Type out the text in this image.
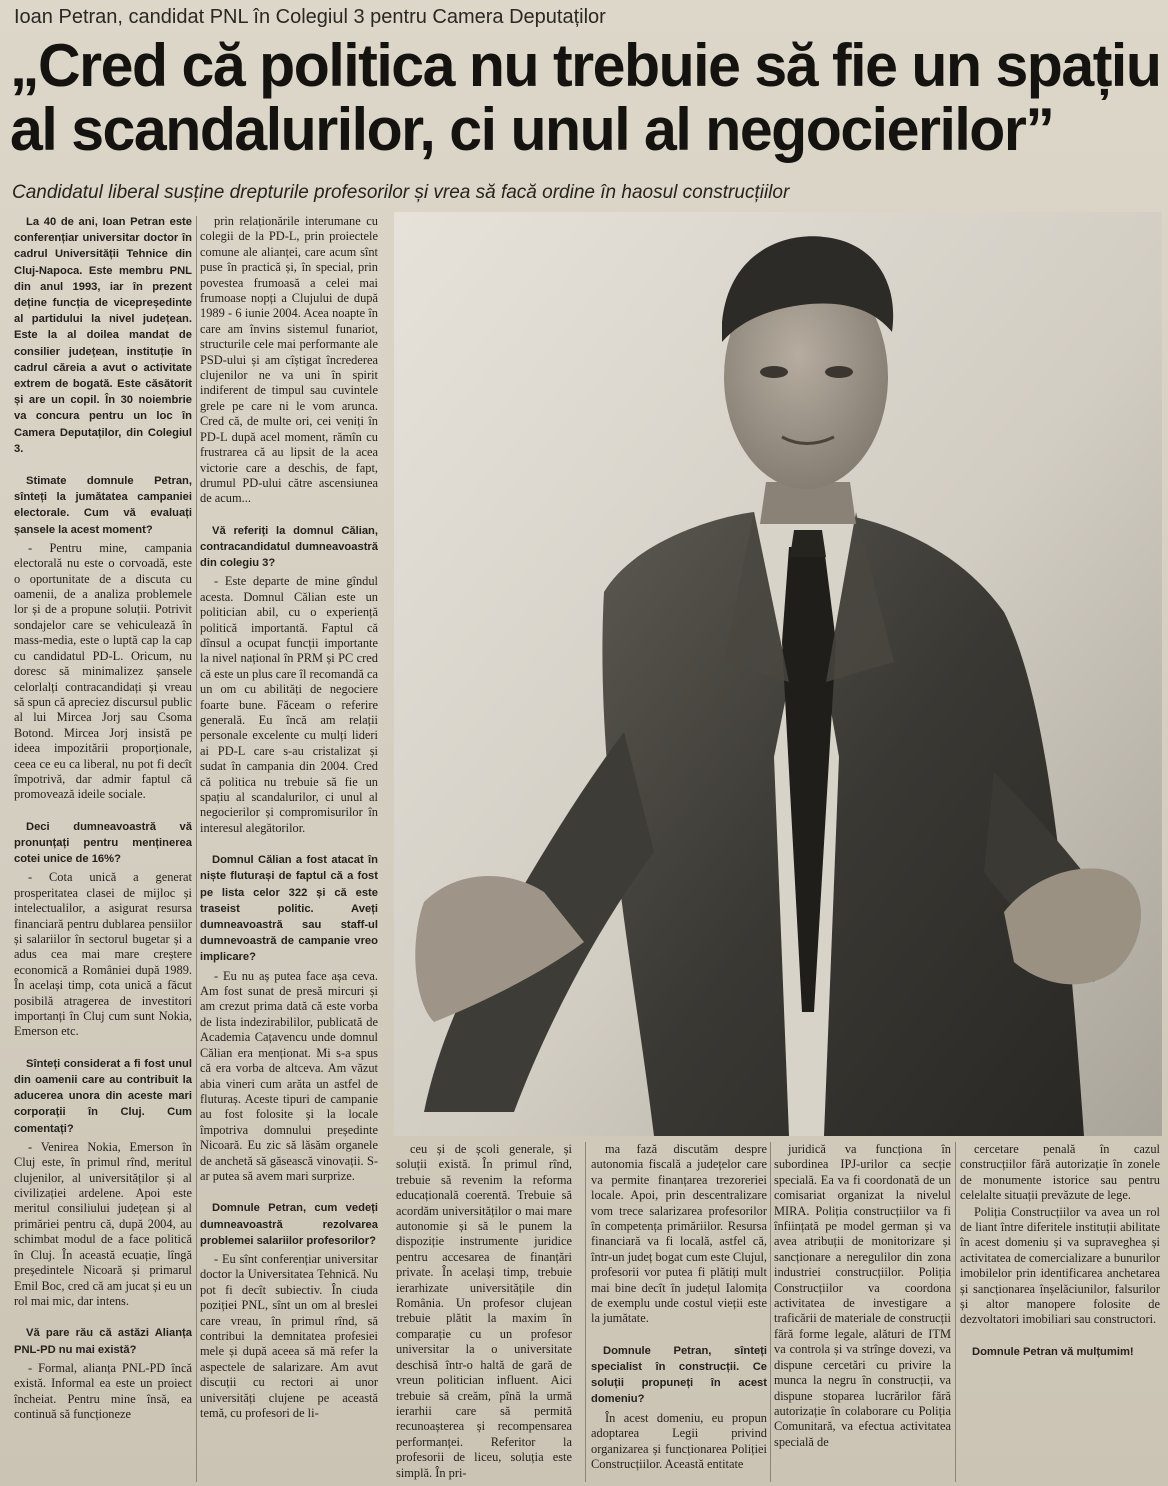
Ioan Petran, candidat PNL în Colegiul 3 pentru Camera Deputaților
„Cred că politica nu trebuie să fie un spațiu
al scandalurilor, ci unul al negocierilor”
Candidatul liberal susține drepturile profesorilor și vrea să facă ordine în haosul construcțiilor

La 40 de ani, Ioan Petran este conferențiar universitar doctor în cadrul Universității Tehnice din Cluj-Napoca. Este membru PNL din anul 1993, iar în prezent deține funcția de vicepreședinte al partidului la nivel județean. Este la al doilea mandat de consilier județean, instituție în cadrul căreia a avut o activitate extrem de bogată. Este căsătorit și are un copil. În 30 noiembrie va concura pentru un loc în Camera Deputaților, din Colegiul 3.

Stimate domnule Petran, sînteți la jumătatea campaniei electorale. Cum vă evaluați șansele la acest moment?

- Pentru mine, campania electorală nu este o corvoadă, este o oportunitate de a discuta cu oamenii, de a analiza problemele lor și de a propune soluții. Potrivit sondajelor care se vehiculează în mass-media, este o luptă cap la cap cu candidatul PD-L. Oricum, nu doresc să minimalizez șansele celorlalți contracandidați și vreau să spun că apreciez discursul public al lui Mircea Jorj sau Csoma Botond. Mircea Jorj insistă pe ideea impozitării proporționale, ceea ce eu ca liberal, nu pot fi decît împotrivă, dar admir faptul că promovează ideile sociale.

Deci dumneavoastră vă pronunțați pentru menținerea cotei unice de 16%?

- Cota unică a generat prosperitatea clasei de mijloc și intelectualilor, a asigurat resursa financiară pentru dublarea pensiilor și salariilor în sectorul bugetar și a adus cea mai mare creștere economică a României după 1989. În același timp, cota unică a făcut posibilă atragerea de investitori importanți în Cluj cum sunt Nokia, Emerson etc.

Sînteți considerat a fi fost unul din oamenii care au contribuit la aducerea unora din aceste mari corporații în Cluj. Cum comentați?

- Venirea Nokia, Emerson în Cluj este, în primul rînd, meritul clujenilor, al universităților și al civilizației ardelene. Apoi este meritul consiliului județean și al primăriei pentru că, după 2004, au schimbat modul de a face politică în Cluj. În această ecuație, lîngă președintele Nicoară și primarul Emil Boc, cred că am jucat și eu un rol mai mic, dar intens.

Vă pare rău că astăzi Alianța PNL-PD nu mai există?

- Formal, alianța PNL-PD încă există. Informal ea este un proiect încheiat. Pentru mine însă, ea continuă să funcționeze

prin relaționările interumane cu colegii de la PD-L, prin proiectele comune ale alianței, care acum sînt puse în practică și, în special, prin povestea frumoasă a celei mai frumoase nopți a Clujului de după 1989 - 6 iunie 2004. Acea noapte în care am învins sistemul funariot, structurile cele mai performante ale PSD-ului și am cîștigat încrederea clujenilor ne va uni în spirit indiferent de timpul sau cuvintele grele pe care ni le vom arunca. Cred că, de multe ori, cei veniți în PD-L după acel moment, rămîn cu frustrarea că au lipsit de la acea victorie care a deschis, de fapt, drumul PD-ului către ascensiunea de acum...

Vă referiți la domnul Călian, contracandidatul dumneavoastră din colegiu 3?

- Este departe de mine gîndul acesta. Domnul Călian este un politician abil, cu o experiență politică importantă. Faptul că dînsul a ocupat funcții importante la nivel național în PRM și PC cred că este un plus care îl recomandă ca un om cu abilități de negociere foarte bune. Făceam o referire generală. Eu încă am relații personale excelente cu mulți lideri ai PD-L care s-au cristalizat și sudat în campania din 2004. Cred că politica nu trebuie să fie un spațiu al scandalurilor, ci unul al negocierilor și compromisurilor în interesul alegătorilor.

Domnul Călian a fost atacat în niște fluturași de faptul că a fost pe lista celor 322 și că este traseist politic. Aveți dumneavoastră sau staff-ul dumnevoastră de campanie vreo implicare?

- Eu nu aș putea face așa ceva. Am fost sunat de presă mircuri și am crezut prima dată că este vorba de lista indezirabililor, publicată de Academia Cațavencu unde domnul Călian era menționat. Mi s-a spus că era vorba de altceva. Am văzut abia vineri cum arăta un astfel de fluturaș. Aceste tipuri de campanie au fost folosite și la locale împotriva domnului președinte Nicoară. Eu zic să lăsăm organele de anchetă să găsească vinovații. S-ar putea să avem mari surprize.

Domnule Petran, cum vedeți dumneavoastră rezolvarea problemei salariilor profesorilor?

- Eu sînt conferențiar universitar doctor la Universitatea Tehnică. Nu pot fi decît subiectiv. În ciuda poziției PNL, sînt un om al breslei care vreau, în primul rînd, să contribui la demnitatea profesiei mele și după aceea să mă refer la aspectele de salarizare. Am avut discuții cu rectori ai unor universități clujene pe această temă, cu profesori de li-

ceu și de școli generale, și soluții există. În primul rînd, trebuie să revenim la reforma educațională coerentă. Trebuie să acordăm universităților o mai mare autonomie și să le punem la dispoziție instrumente juridice pentru accesarea de finanțări private. În același timp, trebuie ierarhizate universitățile din România. Un profesor clujean trebuie plătit la maxim în comparație cu un profesor universitar la o universitate deschisă într-o haltă de gară de vreun politician influent. Aici trebuie să creăm, pînă la urmă ierarhii care să permită recunoașterea și recompensarea performanței. Referitor la profesorii de liceu, soluția este simplă. În pri-

ma fază discutăm despre autonomia fiscală a județelor care va permite finanțarea trezoreriei locale. Apoi, prin descentralizare vom trece salarizarea profesorilor în competența primăriilor. Resursa financiară va fi locală, astfel că, într-un județ bogat cum este Clujul, profesorii vor putea fi plătiți mult mai bine decît în județul Ialomița de exemplu unde costul vieții este la jumătate.

Domnule Petran, sînteți specialist în construcții. Ce soluții propuneți în acest domeniu?

În acest domeniu, eu propun adoptarea Legii privind organizarea și funcționarea Poliției Construcțiilor. Această entitate

juridică va funcționa în subordinea IPJ-urilor ca secție specială. Ea va fi coordonată de un comisariat organizat la nivelul MIRA. Poliția construcțiilor va fi înființată pe model german și va avea atribuții de monitorizare și sancționare a neregulilor din zona industriei construcțiilor. Poliția Construcțiilor va coordona activitatea de investigare a traficării de materiale de construcții fără forme legale, alături de ITM va controla și va strînge dovezi, va dispune cercetări cu privire la munca la negru în construcții, va dispune stoparea lucrărilor fără autorizație în colaborare cu Poliția Comunitară, va efectua activitatea specială de

cercetare penală în cazul construcțiilor fără autorizație în zonele de monumente istorice sau pentru celelalte situații prevăzute de lege.

Poliția Construcțiilor va avea un rol de liant între diferitele instituții abilitate în acest domeniu și va supraveghea și activitatea de comercializare a bunurilor imobilelor prin identificarea anchetarea și sancționarea înșelăciunilor, falsurilor și altor manopere folosite de dezvoltatori imobiliari sau constructori.

Domnule Petran vă mulțumim!
